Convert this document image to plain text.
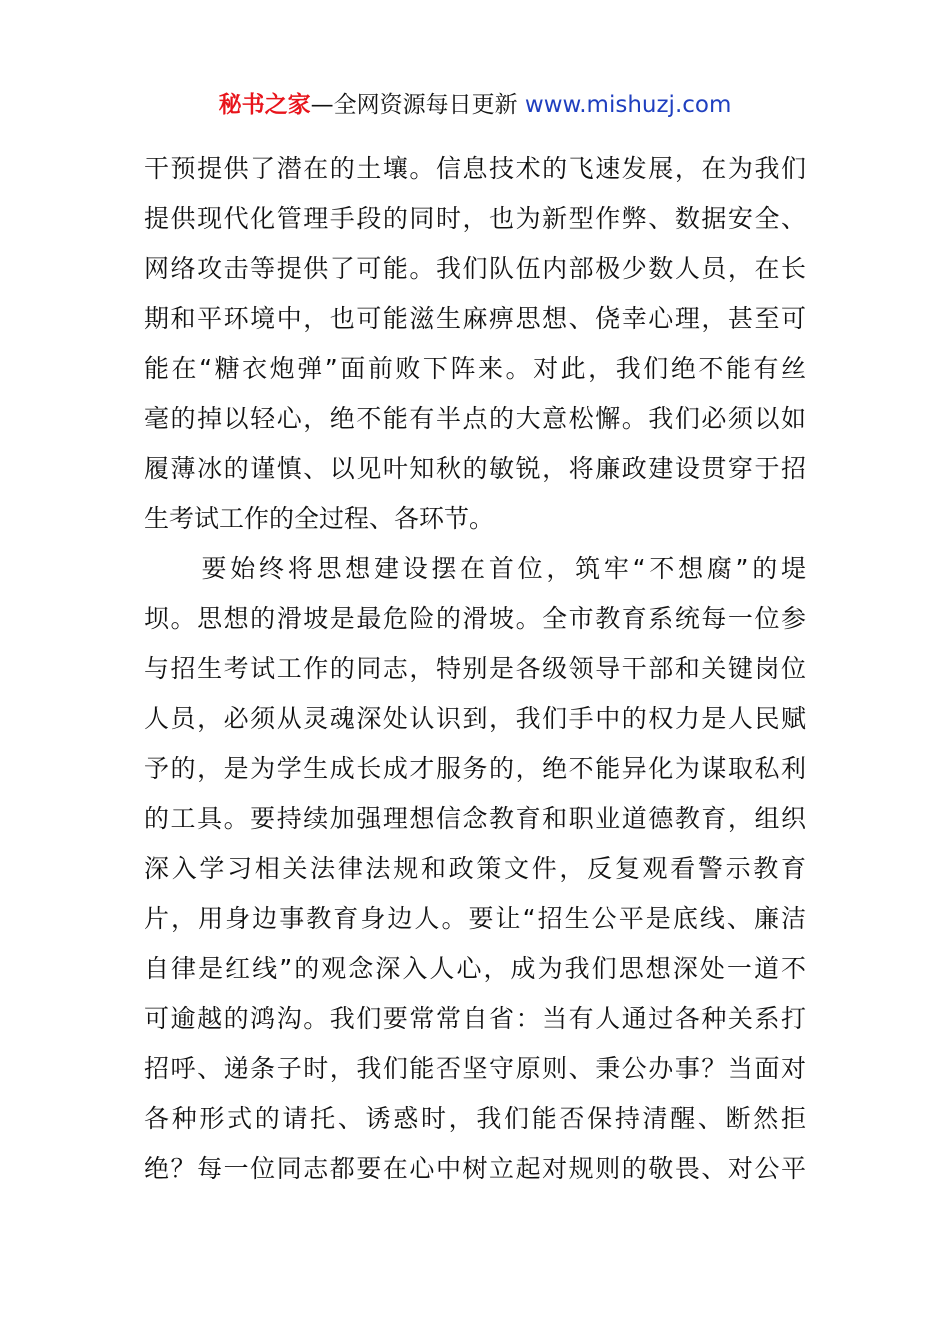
秘书之家—全网资源每日更新 www.mishuzj.com
干预提供了潜在的土壤。信息技术的飞速发展，在为我们
提供现代化管理手段的同时，也为新型作弊、数据安全、
网络攻击等提供了可能。我们队伍内部极少数人员，在长
期和平环境中，也可能滋生麻痹思想、侥幸心理，甚至可
能在“糖衣炮弹”面前败下阵来。对此，我们绝不能有丝
毫的掉以轻心，绝不能有半点的大意松懈。我们必须以如
履薄冰的谨慎、以见叶知秋的敏锐，将廉政建设贯穿于招
生考试工作的全过程、各环节。
　　要始终将思想建设摆在首位，筑牢“不想腐”的堤
坝。思想的滑坡是最危险的滑坡。全市教育系统每一位参
与招生考试工作的同志，特别是各级领导干部和关键岗位
人员，必须从灵魂深处认识到，我们手中的权力是人民赋
予的，是为学生成长成才服务的，绝不能异化为谋取私利
的工具。要持续加强理想信念教育和职业道德教育，组织
深入学习相关法律法规和政策文件，反复观看警示教育
片，用身边事教育身边人。要让“招生公平是底线、廉洁
自律是红线”的观念深入人心，成为我们思想深处一道不
可逾越的鸿沟。我们要常常自省：当有人通过各种关系打
招呼、递条子时，我们能否坚守原则、秉公办事？当面对
各种形式的请托、诱惑时，我们能否保持清醒、断然拒
绝？每一位同志都要在心中树立起对规则的敬畏、对公平
